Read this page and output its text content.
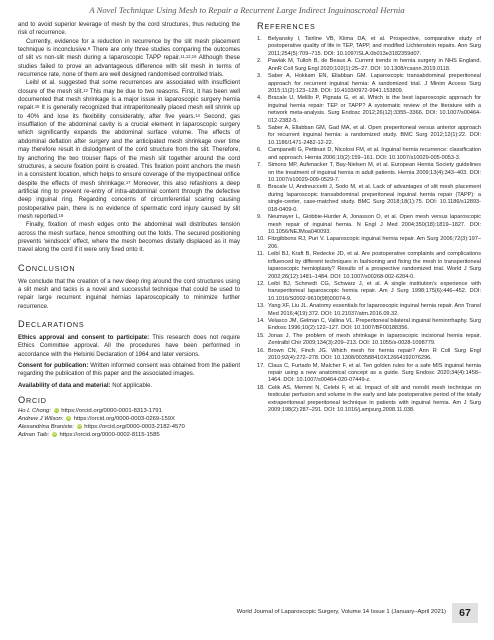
A Novel Technique Using Mesh to Repair a Recurrent Large Indirect Inguinoscrotal Hernia

and to avoid superior leverage of mesh by the cord structures, thus reducing the risk of recurrence.

Currently, evidence for a reduction in recurrence by the slit mesh placement technique is inconclusive.$^8$ There are only three studies comparing the outcomes of slit vs non-slit mesh during a laparoscopic TAPP repair.$^{11,12,16}$ Although these studies failed to prove an advantageous difference with slit mesh in terms of recurrence rate, none of them are well designed randomised controlled trials.

Leibl et al. suggested that some recurrences are associated with insufficient closure of the mesh slit.$^{12}$ This may be due to two reasons. First, it has been well documented that mesh shrinkage is a major issue in laparoscopic surgery hernia repair.$^{15}$ It is generally recognized that intraperitoneally placed mesh will shrink up to 40% and lose its flexibility considerably, after five years.$^{14}$ Second, gas insufflation of the abdominal cavity is a crucial element in laparoscopic surgery which significantly expands the abdominal surface volume. The effects of abdominal deflation after surgery and the anticipated mesh shrinkage over time may therefore result in dislodgment of the cord structure from the slit. Therefore, by anchoring the two trouser flaps of the mesh slit together around the cord structures, a secure fixation point is created. This fixation point anchors the mesh in a consistent location, which helps to ensure coverage of the myopectineal orifice despite the effects of mesh shrinkage.$^{17}$ Moreover, this also refashions a deep artificial ring to prevent re-entry of intra-abdominal content through the defective deep inguinal ring. Regarding concerns of circumferential scaring causing postoperative pain, there is no evidence of spermatic cord injury caused by slit mesh reported.$^{18}$

Finally, fixation of mesh edges onto the abdominal wall distributes tension across the mesh surface, hence smoothing out the folds. The secured positioning prevents 'windsock' effect, where the mesh becomes distally displaced as it may travel along the cord if it were only fixed onto it.

CONCLUSION

We conclude that the creation of a new deep ring around the cord structures using a slit mesh and tacks is a novel and successful technique that could be used to repair large recurrent inguinal hernias laparoscopically to minimize further recurrence.

DECLARATIONS

Ethics approval and consent to participate: This research does not require Ethics Committee approval. All the procedures have been performed in accordance with the Helsinki Declaration of 1964 and later versions.

Consent for publication: Written informed consent was obtained from the patient regarding the publication of this paper and the associated images.

Availability of data and material: Not applicable.

ORCID
Ho L Chong: iD https://orcid.org/0000-0001-8313-1791
Andrew J Wilson: iD https://orcid.org/0000-0003-0269-159X
Alexandrina Braniste: iD https://orcid.org/0000-0003-2182-4570
Adnan Taib: iD https://orcid.org/0000-0002-8115-1585
REFERENCES
1. Belyansky I, Tsirline VB, Klima DA, et al. Prospective, comparative study of postoperative quality of life in TEP, TAPP, and modified Lichtenstein repairs. Ann Surg 2011;254(5):709–715. DOI: 10.1097/SLA.0b013e3182359d07.
2. Pawlak M, Tulloh B, de Beaux A. Current trends in hernia surgery in NHS England. AnnR Coll Surg Engl 2020;102(1):25–27. DOI: 10.1308/rcsann.2019.0118.
3. Saber A, Hokkam EN, Ellabban GM. Laparoscopic transabdominal preperitoneal approach for recurrent inguinal hernia: A randomized trial. J Minim Access Surg 2015;11(2):123–128. DOI: 10.4103/0972-9941.153809.
4. Bracale U, Melillo P, Pignata G, et al. Which is the best laparoscopic approach for inguinal hernia repair: TEP or TAPP? A systematic review of the literature with a network meta-analysis. Surg Endosc 2012;26(12):3355–3366. DOI: 10.1007/s00464-012-2382-5.
5. Saber A, Ellabban GM, Gad MA, et al. Open preperitoneal versus anterior approach for recurrent inguinal hernia: a randomized study. BMC Surg 2012;12(1):22. DOI: 10.1186/1471-2482-12-22.
6. Campanelli G, Pettinari D, Nicolosi FM, et al. Inguinal hernia recurrence: classification and approach. Hernia 2006;10(2):159–161. DOI: 10.1007/s10029-005-0053-3.
7. Simons MP, Aufenacker T, Bay-Nielsen M, et al. European Hernia Society guidelines on the treatment of inguinal hernia in adult patients. Hernia 2009;13(4):343–403. DOI: 10.1007/s10029-009-0529-7.
8. Bracale U, Andreuccetti J, Sodo M, et al. Lack of advantages of slit mesh placement during laparoscopic transabdominal preperitoneal inguinal hernia repair (TAPP): a single-center, case-matched study. BMC Surg 2018;18(1):75. DOI: 10.1186/s12893-018-0409-0.
9. Neumayer L, Giobbie-Hurder A, Jonasson O, et al. Open mesh versus laparoscopic mesh repair of inguinal hernia. N Engl J Med 2004;350(18):1819–1827. DOI: 10.1056/NEJMoa040093.
10. Fitzgibbons RJ, Puri V. Laparoscopic inguinal hernia repair. Am Surg 2006;72(3):197–206.
11. Leibl BJ, Kraft B, Redecke JD, et al. Are postoperative complaints and complications influenced by different techniques in fashioning and fixing the mesh in transperitoneal laparoscopic hernioplasty? Results of a prospective randomized trial. World J Surg 2002;26(12):1481–1484. DOI: 10.1007/s00268-002-6204-0.
12. Leibl BJ, Schmedt CG, Schwarz J, et al. A single institution's experience with transperitoneal laparoscopic hernia repair. Am J Surg 1998;175(6):446–452. DOI: 10.1016/S0002-9610(98)00074-9.
13. Yang XF, Liu JL. Anatomy essentials for laparoscopic inguinal hernia repair. Ann Transl Med 2016;4(19):372. DOI: 10.21037/atm.2016.09.32.
14. Velasco JM, Gelman C, Vallina VL. Preperitoneal bilateral inguinal herniorrhaphy. Surg Endosc 1996;10(2):122–127. DOI: 10.1007/BF00188356.
15. Jonas J. The problem of mesh shrinkage in laparoscopic incisional hernia repair. Zentralbl Chir 2009;134(3):209–213. DOI: 10.1055/s-0028-1098779.
16. Brown CN, Finch JG. Which mesh for hernia repair? Ann R Coll Surg Engl 2010;92(4):272–278. DOI: 10.1308/003588410X12664192076296.
17. Claus C, Furtado M, Malcher F, et al. Ten golden rules for a safe MIS inguinal hernia repair using a new anatomical concept as a guide. Surg Endosc 2020;34(4):1458–1464. DOI: 10.1007/s00464-020-07449-z.
18. Celik AS, Memmi N, Celebi F, et al. Impact of slit and nonslit mesh technique on testicular perfusion and volume in the early and late postoperative period of the totally extraperitoneal preperitoneal technique in patients with inguinal hernia. Am J Surg 2009;198(2):287–291. DOI: 10.1016/j.amjsurg.2008.11.038.
World Journal of Laparoscopic Surgery, Volume 14 Issue 1 (January–April 2021)	67
